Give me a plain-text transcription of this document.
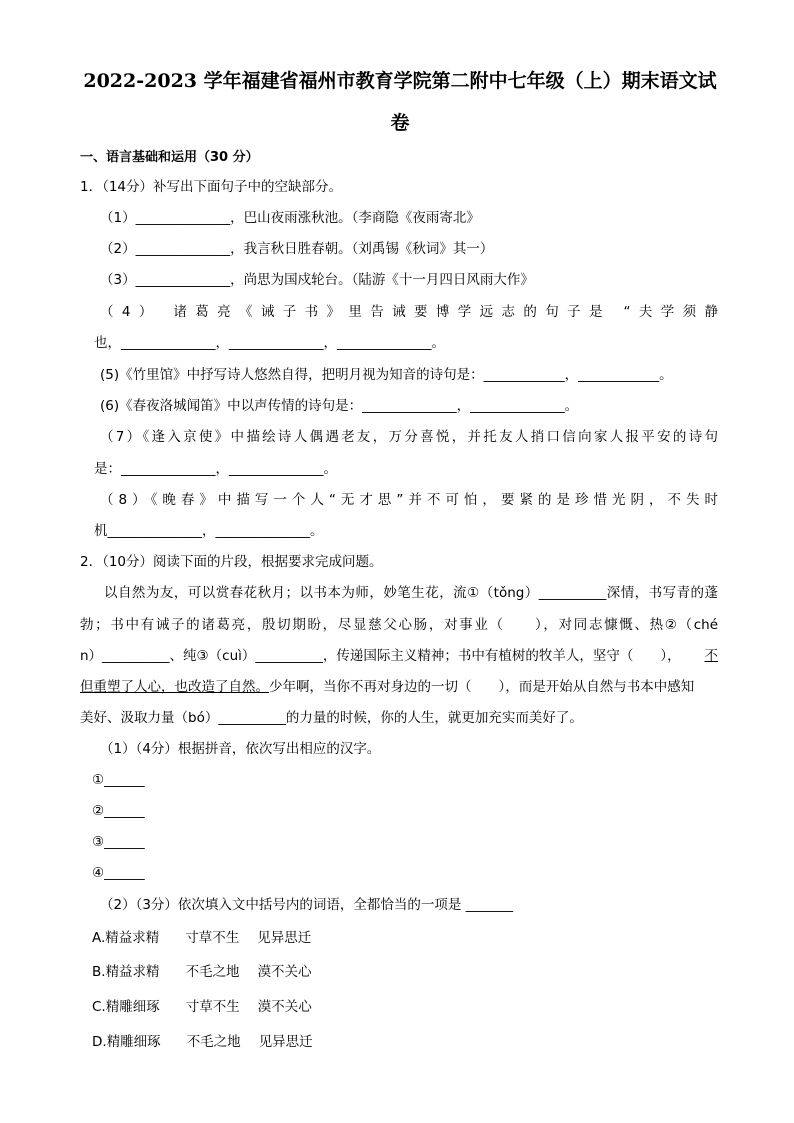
2022-2023 学年福建省福州市教育学院第二附中七年级（上）期末语文试
卷
一、语言基础和运用（30 分）
1．（14分）补写出下面句子中的空缺部分。
（1）______________，巴山夜雨涨秋池。（李商隐《夜雨寄北》
（2）______________，我言秋日胜春朝。（刘禹锡《秋词》其一）
（3）______________，尚思为国戍轮台。（陆游《十一月四日风雨大作》
（4） 诸葛亮《诫子书》里告诫要博学远志的句子是 “夫学须静
也，______________，______________，______________。
(5)《竹里馆》中抒写诗人悠然自得，把明月视为知音的诗句是：____________，____________。
(6)《春夜洛城闻笛》中以声传情的诗句是：______________，______________。
（7）《逢入京使》中描绘诗人偶遇老友，万分喜悦，并托友人捎口信向家人报平安的诗句
是：______________，______________。
（8）《晚春》中描写一个人“无才思”并不可怕，要紧的是珍惜光阴，不失时
机______________，______________。
2．（10分）阅读下面的片段，根据要求完成问题。
以自然为友，可以赏春花秋月；以书本为师，妙笔生花，流①（tǒng）__________深情，书写青的蓬
勃；书中有诫子的诸葛亮，殷切期盼，尽显慈父心肠，对事业（　　），对同志慷慨、热②（ché
n）__________、纯③（cuì）__________，传递国际主义精神；书中有植树的牧羊人，坚守（　　）， 不
但重塑了人心，也改造了自然。少年啊，当你不再对身边的一切（　　），而是开始从自然与书本中感知
美好、汲取力量（bó）__________的力量的时候，你的人生，就更加充实而美好了。
（1）（4分）根据拼音，依次写出相应的汉字。
①______
②______
③______
④______
（2）（3分）依次填入文中括号内的词语，全都恰当的一项是 _______
A.精益求精 寸草不生 见异思迁
B.精益求精 不毛之地 漠不关心
C.精雕细琢 寸草不生 漠不关心
D.精雕细琢 不毛之地 见异思迁
